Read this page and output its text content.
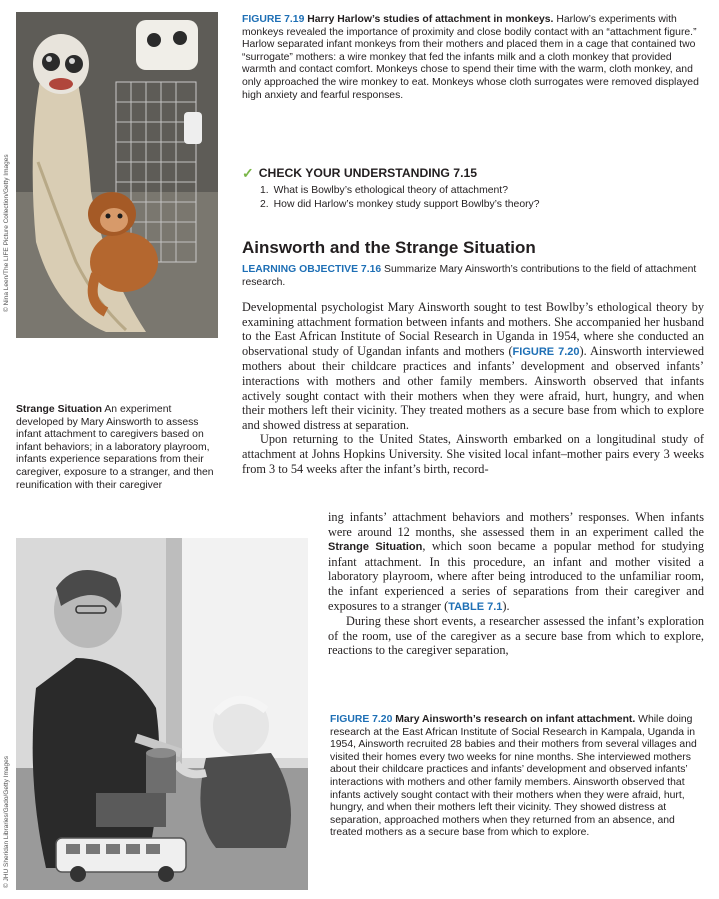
© Nina Leen/The LIFE Picture Collection/Getty Images
FIGURE 7.19 Harry Harlow’s studies of attachment in monkeys. Harlow’s experiments with monkeys revealed the importance of proximity and close bodily contact with an “attachment figure.” Harlow separated infant monkeys from their mothers and placed them in a cage that contained two “surrogate” mothers: a wire monkey that fed the infants milk and a cloth monkey that provided warmth and contact comfort. Monkeys chose to spend their time with the warm, cloth monkey, and only approached the wire monkey to eat. Monkeys whose cloth surrogates were removed displayed high anxiety and fearful responses.
✓ CHECK YOUR UNDERSTANDING 7.15
1. What is Bowlby’s ethological theory of attachment?
2. How did Harlow’s monkey study support Bowlby’s theory?
Ainsworth and the Strange Situation
LEARNING OBJECTIVE 7.16 Summarize Mary Ainsworth’s contributions to the field of attachment research.

Developmental psychologist Mary Ainsworth sought to test Bowlby’s ethological theory by examining attachment formation between infants and mothers. She accompanied her husband to the East African Institute of Social Research in Uganda in 1954, where she conducted an observational study of Ugandan infants and mothers (FIGURE 7.20). Ainsworth interviewed mothers about their childcare practices and infants’ development and observed infants’ interactions with mothers and other family members. Ainsworth observed that infants actively sought contact with their mothers when they were afraid, hurt, hungry, and when their mothers left their vicinity. They treated mothers as a secure base from which to explore and showed distress at separation.

Upon returning to the United States, Ainsworth embarked on a longitudinal study of attachment at Johns Hopkins University. She visited local infant–mother pairs every 3 weeks from 3 to 54 weeks after the infant’s birth, record-

ing infants’ attachment behaviors and mothers’ responses. When infants were around 12 months, she assessed them in an experiment called the Strange Situation, which soon became a popular method for studying infant attachment. In this procedure, an infant and mother visited a laboratory playroom, where after being introduced to the unfamiliar room, the infant experienced a series of separations from their caregiver and exposures to a stranger (TABLE 7.1).

During these short events, a researcher assessed the infant’s exploration of the room, use of the caregiver as a secure base from which to explore, reactions to the caregiver separation,

Strange Situation An experiment developed by Mary Ainsworth to assess infant attachment to caregivers based on infant behaviors; in a laboratory playroom, infants experience separations from their caregiver, exposure to a stranger, and then reunification with their caregiver
© JHU Sheridan Libraries/Gado/Getty Images
FIGURE 7.20 Mary Ainsworth’s research on infant attachment. While doing research at the East African Institute of Social Research in Kampala, Uganda in 1954, Ainsworth recruited 28 babies and their mothers from several villages and visited their homes every two weeks for nine months. She interviewed mothers about their childcare practices and infants’ development and observed infants’ interactions with mothers and other family members. Ainsworth observed that infants actively sought contact with their mothers when they were afraid, hurt, hungry, and when their mothers left their vicinity. They showed distress at separation, approached mothers when they returned from an absence, and treated mothers as a secure base from which to explore.
